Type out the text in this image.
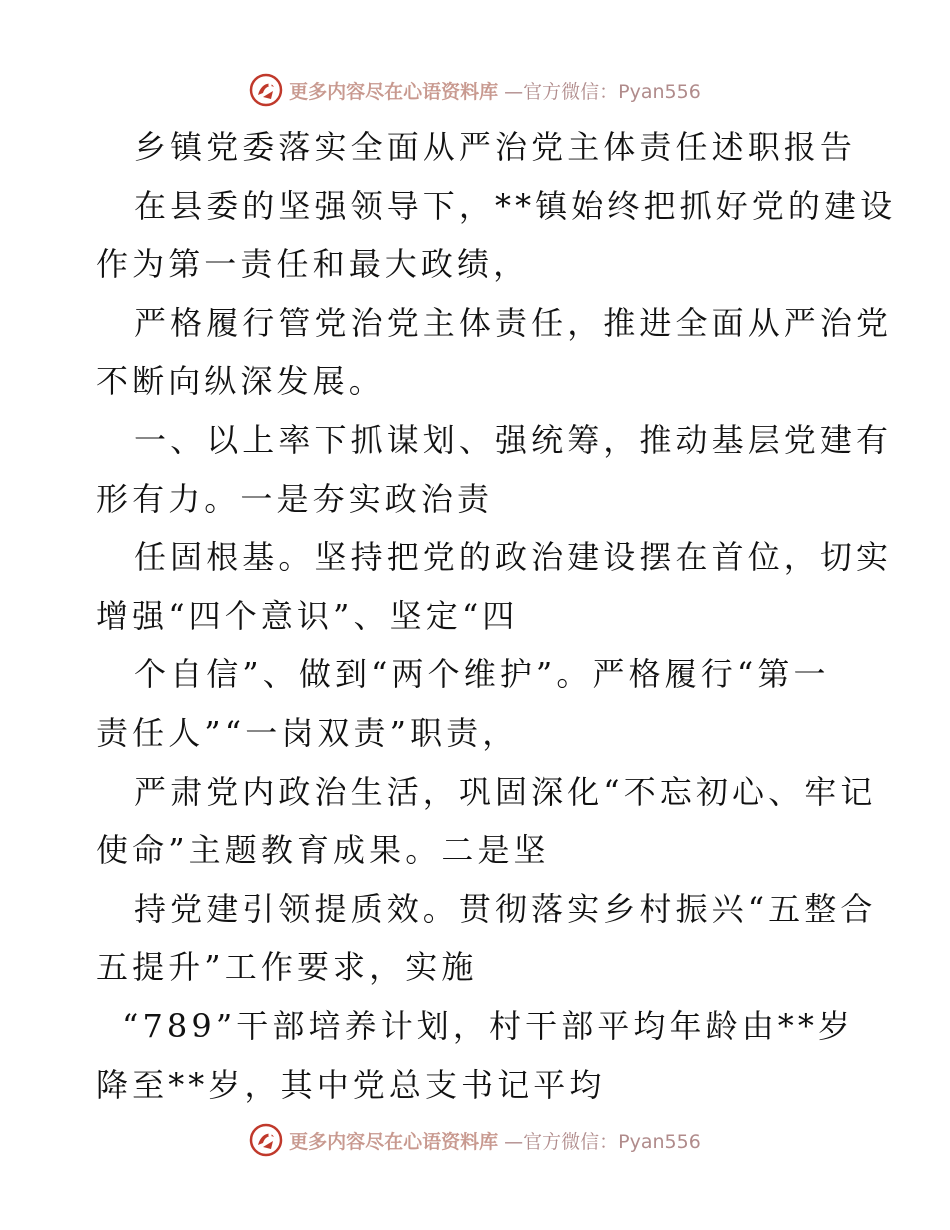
更多内容尽在心语资料库 —官方微信：Pyan556
乡镇党委落实全面从严治党主体责任述职报告
在县委的坚强领导下，**镇始终把抓好党的建设
作为第一责任和最大政绩，
严格履行管党治党主体责任，推进全面从严治党
不断向纵深发展。
一、以上率下抓谋划、强统筹，推动基层党建有
形有力。一是夯实政治责
任固根基。坚持把党的政治建设摆在首位，切实
增强“四个意识”、坚定“四
个自信”、做到“两个维护”。严格履行“第一
责任人”“一岗双责”职责，
严肃党内政治生活，巩固深化“不忘初心、牢记
使命”主题教育成果。二是坚
持党建引领提质效。贯彻落实乡村振兴“五整合
五提升”工作要求，实施
“789”干部培养计划，村干部平均年龄由**岁
降至**岁，其中党总支书记平均
更多内容尽在心语资料库 —官方微信：Pyan556
